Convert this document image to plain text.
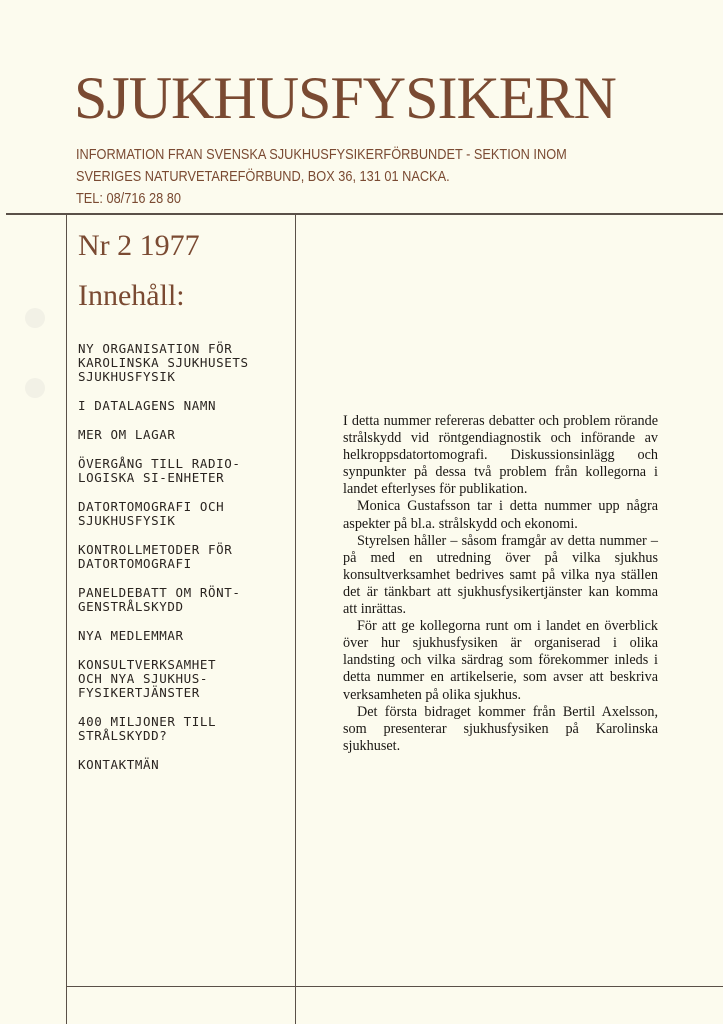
SJUKHUSFYSIKERN
INFORMATION FRAN SVENSKA SJUKHUSFYSIKERFÖRBUNDET - SEKTION INOM
SVERIGES NATURVETAREFÖRBUND, BOX 36, 131 01 NACKA.
TEL: 08/716 28 80
Nr 2 1977
Innehåll:
NY ORGANISATION FÖR
KAROLINSKA SJUKHUSETS
SJUKHUSFYSIK
I DATALAGENS NAMN
MER OM LAGAR
ÖVERGÅNG TILL RADIO-
LOGISKA SI-ENHETER
DATORTOMOGRAFI OCH
SJUKHUSFYSIK
KONTROLLMETODER FÖR
DATORTOMOGRAFI
PANELDEBATT OM RÖNT-
GENSTRÅLSKYDD
NYA MEDLEMMAR
KONSULTVERKSAMHET
OCH NYA SJUKHUS-
FYSIKERTJÄNSTER
400 MILJONER TILL
STRÅLSKYDD?
KONTAKTMÄN

I detta nummer refereras debatter och problem rörande strålskydd vid röntgendiagnostik och införande av helkroppsdatortomografi. Diskussionsinlägg och synpunkter på dessa två problem från kollegorna i landet efterlyses för publikation.

Monica Gustafsson tar i detta nummer upp några aspekter på bl.a. strålskydd och ekonomi.

Styrelsen håller – såsom framgår av detta nummer – på med en utredning över på vilka sjukhus konsultverksamhet bedrives samt på vilka nya ställen det är tänkbart att sjukhusfysikertjänster kan komma att inrättas.

För att ge kollegorna runt om i landet en överblick över hur sjukhusfysiken är organiserad i olika landsting och vilka särdrag som förekommer inleds i detta nummer en artikelserie, som avser att beskriva verksamheten på olika sjukhus.

Det första bidraget kommer från Bertil Axelsson, som presenterar sjukhusfysiken på Karolinska sjukhuset.
